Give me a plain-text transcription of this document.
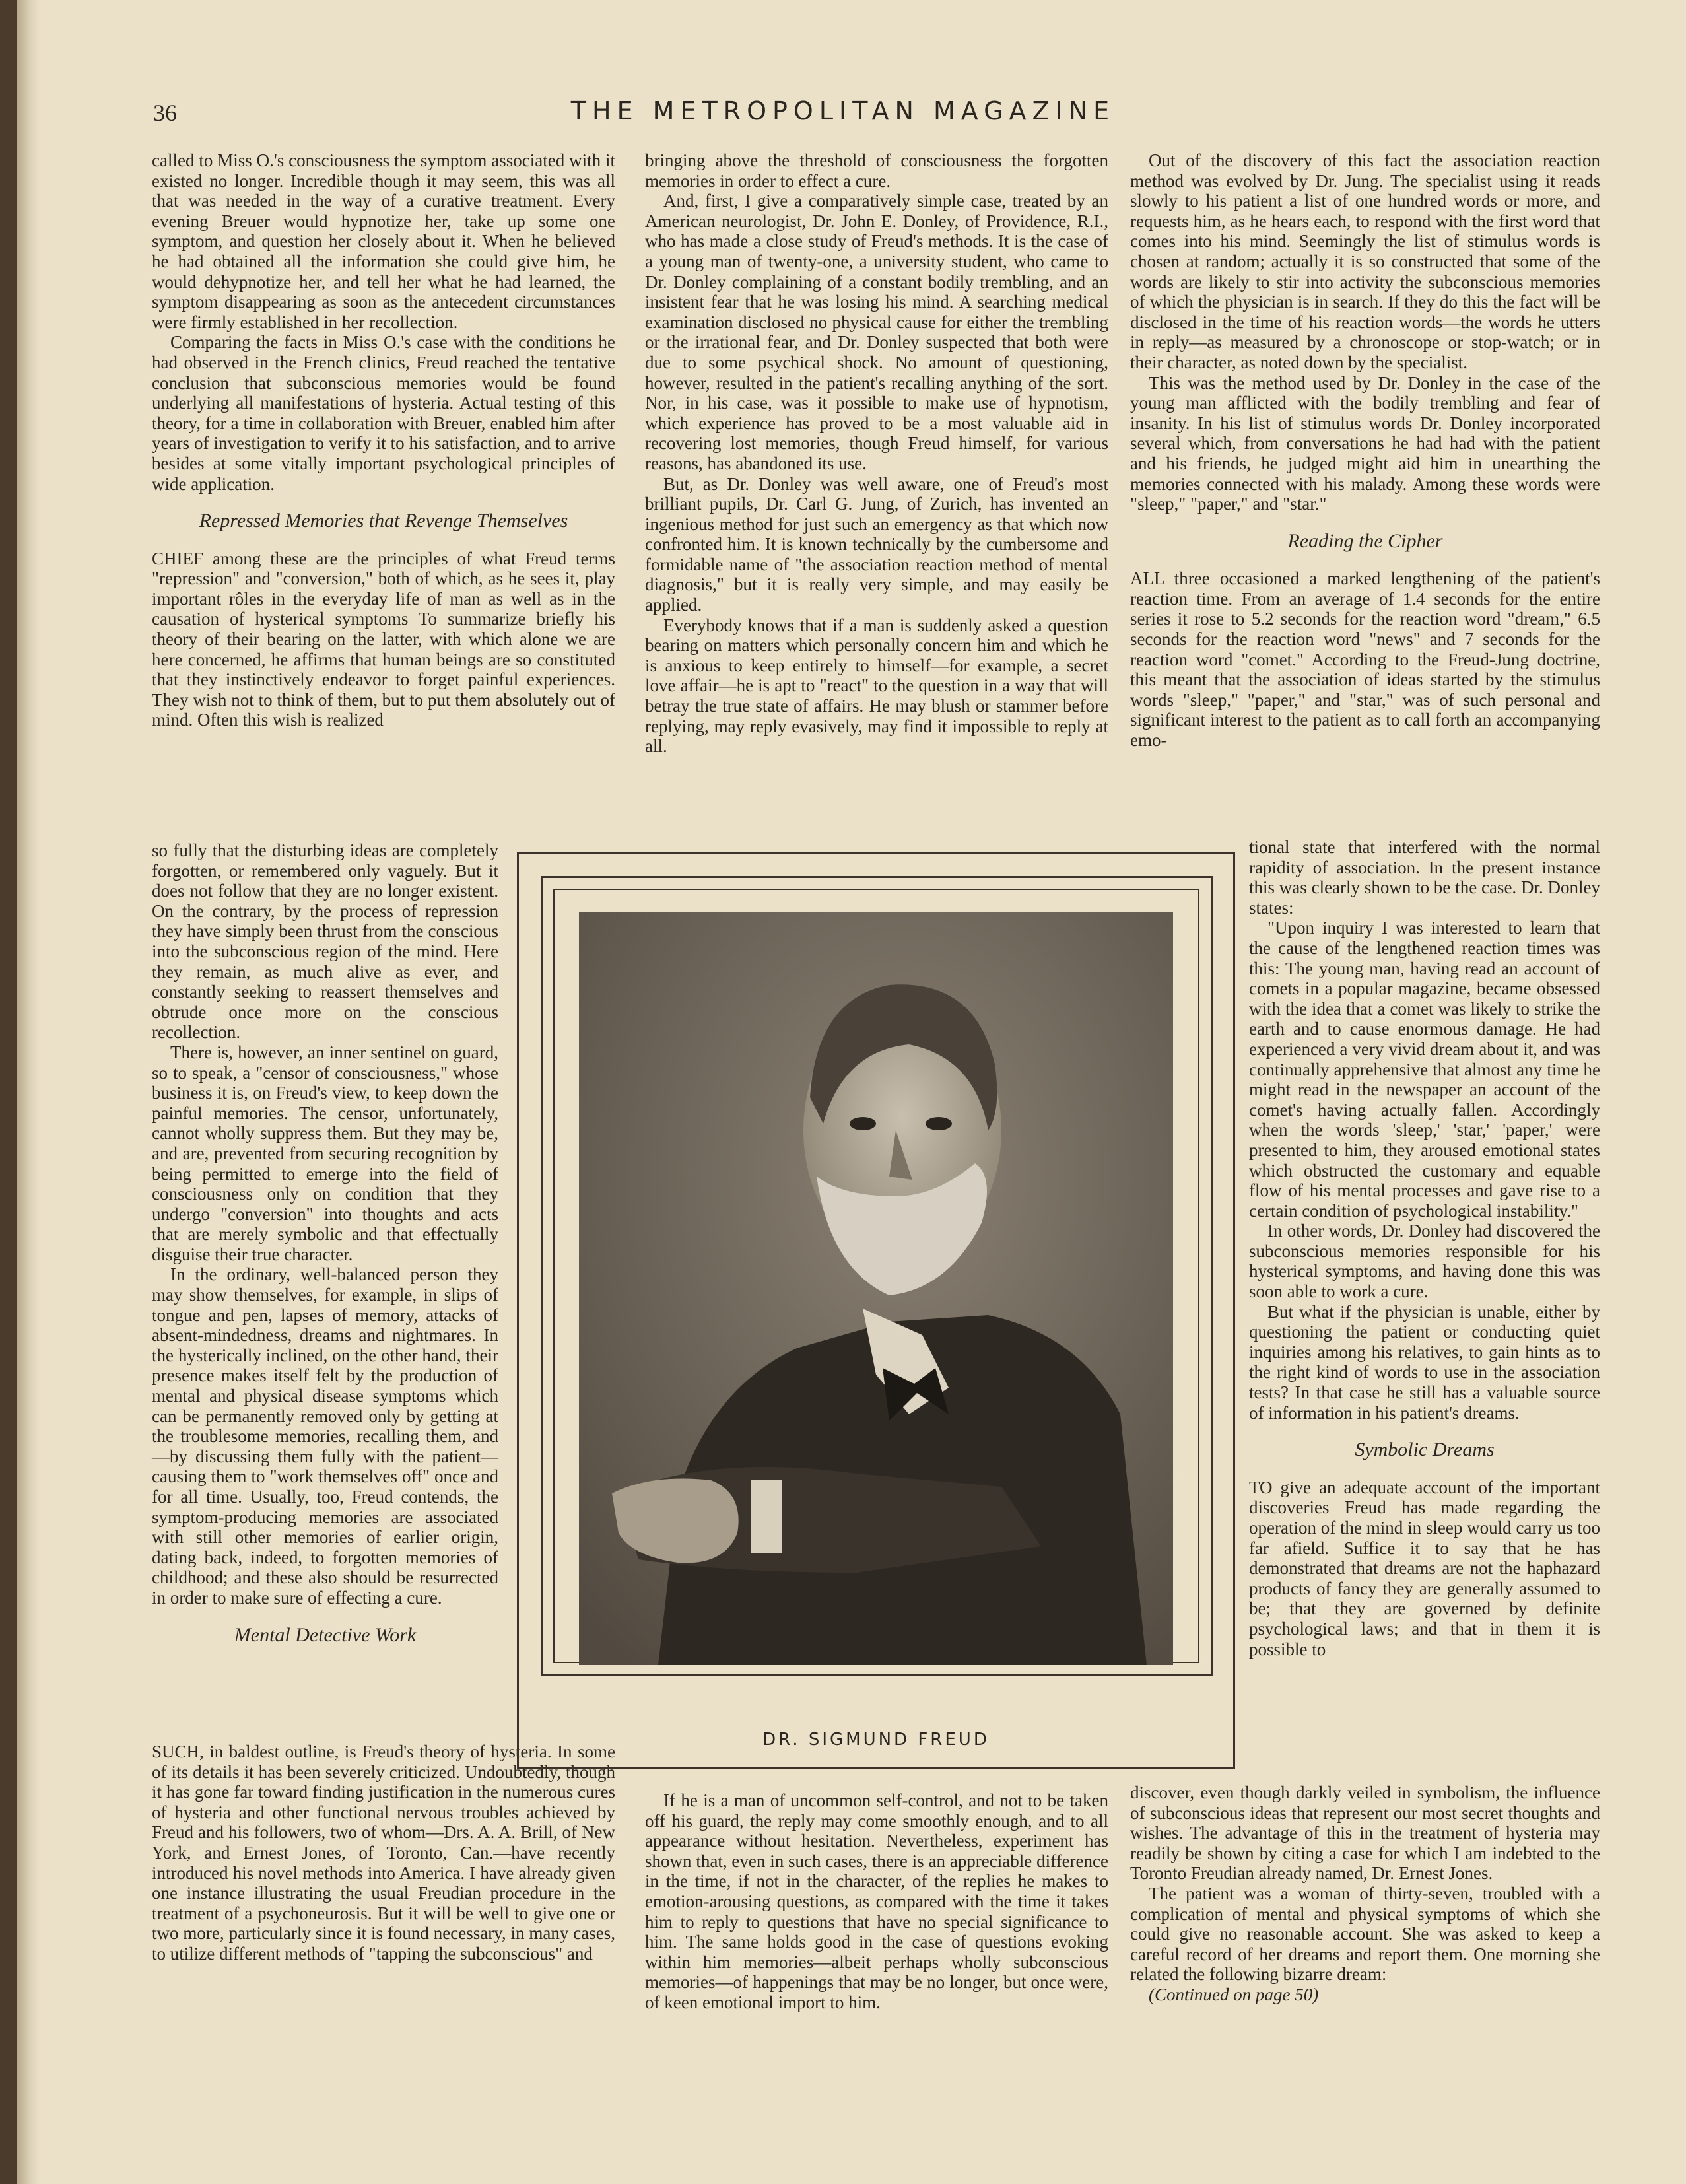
36	THE METROPOLITAN MAGAZINE

called to Miss O.'s consciousness the symptom associated with it existed no longer. Incredible though it may seem, this was all that was needed in the way of a curative treatment. Every evening Breuer would hypnotize her, take up some one symptom, and question her closely about it. When he believed he had obtained all the information she could give him, he would dehypnotize her, and tell her what he had learned, the symptom disappearing as soon as the antecedent circumstances were firmly established in her recollection.

Comparing the facts in Miss O.'s case with the conditions he had observed in the French clinics, Freud reached the tentative conclusion that subconscious memories would be found underlying all manifestations of hysteria. Actual testing of this theory, for a time in collaboration with Breuer, enabled him after years of investigation to verify it to his satisfaction, and to arrive besides at some vitally important psychological principles of wide application.

Repressed Memories that Revenge Themselves

CHIEF among these are the principles of what Freud terms "repression" and "conversion," both of which, as he sees it, play important rôles in the everyday life of man as well as in the causation of hysterical symptoms To summarize briefly his theory of their bearing on the latter, with which alone we are here concerned, he affirms that human beings are so constituted that they instinctively endeavor to forget painful experiences. They wish not to think of them, but to put them absolutely out of mind. Often this wish is realized

so fully that the disturbing ideas are completely forgotten, or remembered only vaguely. But it does not follow that they are no longer existent. On the contrary, by the process of repression they have simply been thrust from the conscious into the subconscious region of the mind. Here they remain, as much alive as ever, and constantly seeking to reassert themselves and obtrude once more on the conscious recollection.

There is, however, an inner sentinel on guard, so to speak, a "censor of consciousness," whose business it is, on Freud's view, to keep down the painful memories. The censor, unfortunately, cannot wholly suppress them. But they may be, and are, prevented from securing recognition by being permitted to emerge into the field of consciousness only on condition that they undergo "conversion" into thoughts and acts that are merely symbolic and that effectually disguise their true character.

In the ordinary, well-balanced person they may show themselves, for example, in slips of tongue and pen, lapses of memory, attacks of absent-mindedness, dreams and nightmares. In the hysterically inclined, on the other hand, their presence makes itself felt by the production of mental and physical disease symptoms which can be permanently removed only by getting at the troublesome memories, recalling them, and—by discussing them fully with the patient—causing them to "work themselves off" once and for all time. Usually, too, Freud contends, the symptom-producing memories are associated with still other memories of earlier origin, dating back, indeed, to forgotten memories of childhood; and these also should be resurrected in order to make sure of effecting a cure.

Mental Detective Work

SUCH, in baldest outline, is Freud's theory of hysteria. In some of its details it has been severely criticized. Undoubtedly, though it has gone far toward finding justification in the numerous cures of hysteria and other functional nervous troubles achieved by Freud and his followers, two of whom—Drs. A. A. Brill, of New York, and Ernest Jones, of Toronto, Can.—have recently introduced his novel methods into America. I have already given one instance illustrating the usual Freudian procedure in the treatment of a psychoneurosis. But it will be well to give one or two more, particularly since it is found necessary, in many cases, to utilize different methods of "tapping the subconscious" and

bringing above the threshold of consciousness the forgotten memories in order to effect a cure.

And, first, I give a comparatively simple case, treated by an American neurologist, Dr. John E. Donley, of Providence, R.I., who has made a close study of Freud's methods. It is the case of a young man of twenty-one, a university student, who came to Dr. Donley complaining of a constant bodily trembling, and an insistent fear that he was losing his mind. A searching medical examination disclosed no physical cause for either the trembling or the irrational fear, and Dr. Donley suspected that both were due to some psychical shock. No amount of questioning, however, resulted in the patient's recalling anything of the sort. Nor, in his case, was it possible to make use of hypnotism, which experience has proved to be a most valuable aid in recovering lost memories, though Freud himself, for various reasons, has abandoned its use.

But, as Dr. Donley was well aware, one of Freud's most brilliant pupils, Dr. Carl G. Jung, of Zurich, has invented an ingenious method for just such an emergency as that which now confronted him. It is known technically by the cumbersome and formidable name of "the association reaction method of mental diagnosis," but it is really very simple, and may easily be applied.

Everybody knows that if a man is suddenly asked a question bearing on matters which personally concern him and which he is anxious to keep entirely to himself—for example, a secret love affair—he is apt to "react" to the question in a way that will betray the true state of affairs. He may blush or stammer before replying, may reply evasively, may find it impossible to reply at all.

If he is a man of uncommon self-control, and not to be taken off his guard, the reply may come smoothly enough, and to all appearance without hesitation. Nevertheless, experiment has shown that, even in such cases, there is an appreciable difference in the time, if not in the character, of the replies he makes to emotion-arousing questions, as compared with the time it takes him to reply to questions that have no special significance to him. The same holds good in the case of questions evoking within him memories—albeit perhaps wholly subconscious memories—of happenings that may be no longer, but once were, of keen emotional import to him.

Out of the discovery of this fact the association reaction method was evolved by Dr. Jung. The specialist using it reads slowly to his patient a list of one hundred words or more, and requests him, as he hears each, to respond with the first word that comes into his mind. Seemingly the list of stimulus words is chosen at random; actually it is so constructed that some of the words are likely to stir into activity the subconscious memories of which the physician is in search. If they do this the fact will be disclosed in the time of his reaction words—the words he utters in reply—as measured by a chronoscope or stop-watch; or in their character, as noted down by the specialist.

This was the method used by Dr. Donley in the case of the young man afflicted with the bodily trembling and fear of insanity. In his list of stimulus words Dr. Donley incorporated several which, from conversations he had had with the patient and his friends, he judged might aid him in unearthing the memories connected with his malady. Among these words were "sleep," "paper," and "star."

Reading the Cipher

ALL three occasioned a marked lengthening of the patient's reaction time. From an average of 1.4 seconds for the entire series it rose to 5.2 seconds for the reaction word "dream," 6.5 seconds for the reaction word "news" and 7 seconds for the reaction word "comet." According to the Freud-Jung doctrine, this meant that the association of ideas started by the stimulus words "sleep," "paper," and "star," was of such personal and significant interest to the patient as to call forth an accompanying emo-

tional state that interfered with the normal rapidity of association. In the present instance this was clearly shown to be the case. Dr. Donley states:

"Upon inquiry I was interested to learn that the cause of the lengthened reaction times was this: The young man, having read an account of comets in a popular magazine, became obsessed with the idea that a comet was likely to strike the earth and to cause enormous damage. He had experienced a very vivid dream about it, and was continually apprehensive that almost any time he might read in the newspaper an account of the comet's having actually fallen. Accordingly when the words 'sleep,' 'star,' 'paper,' were presented to him, they aroused emotional states which obstructed the customary and equable flow of his mental processes and gave rise to a certain condition of psychological instability."

In other words, Dr. Donley had discovered the subconscious memories responsible for his hysterical symptoms, and having done this was soon able to work a cure.

But what if the physician is unable, either by questioning the patient or conducting quiet inquiries among his relatives, to gain hints as to the right kind of words to use in the association tests? In that case he still has a valuable source of information in his patient's dreams.

Symbolic Dreams

TO give an adequate account of the important discoveries Freud has made regarding the operation of the mind in sleep would carry us too far afield. Suffice it to say that he has demonstrated that dreams are not the haphazard products of fancy they are generally assumed to be; that they are governed by definite psychological laws; and that in them it is possible to

discover, even though darkly veiled in symbolism, the influence of subconscious ideas that represent our most secret thoughts and wishes. The advantage of this in the treatment of hysteria may readily be shown by citing a case for which I am indebted to the Toronto Freudian already named, Dr. Ernest Jones.

The patient was a woman of thirty-seven, troubled with a complication of mental and physical symptoms of which she could give no reasonable account. She was asked to keep a careful record of her dreams and report them. One morning she related the following bizarre dream:

(Continued on page 50)

DR. SIGMUND FREUD
